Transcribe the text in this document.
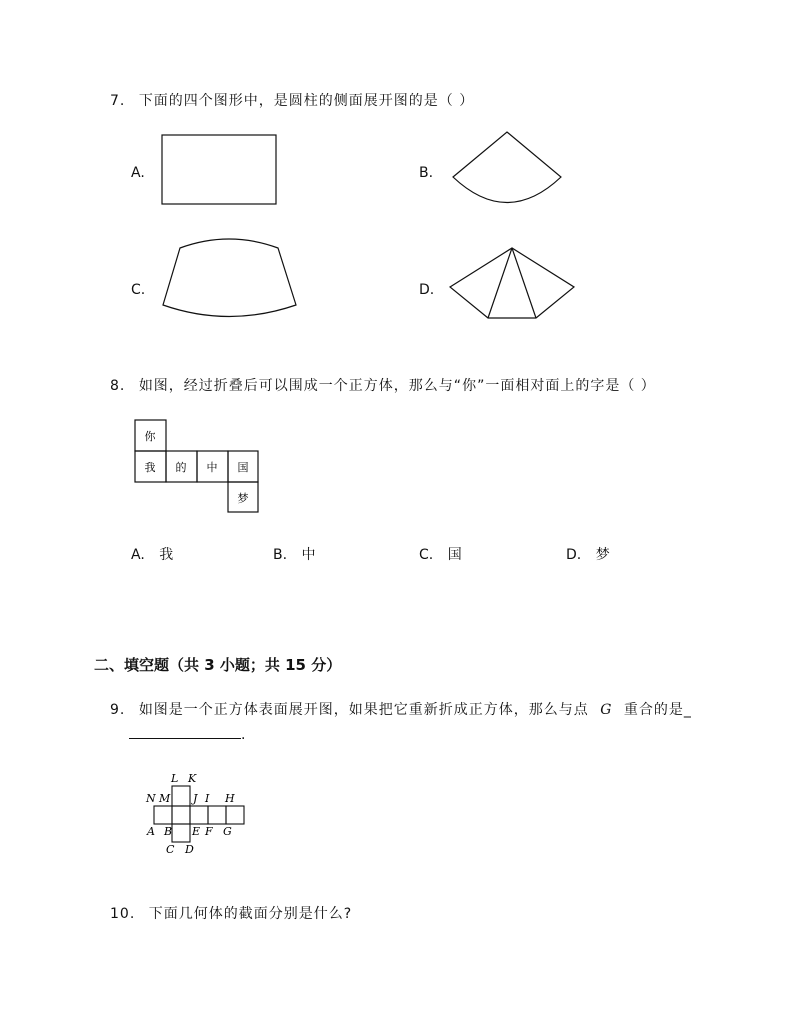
7. 下面的四个图形中，是圆柱的侧面展开图的是（ ）
A.	B.
C.	D.
8. 如图，经过折叠后可以围成一个正方体，那么与“你”一面相对面上的字是（ ）
你
我 的 中 国
梦
A. 我	B. 中	C. 国	D. 梦
二、填空题（共 3 小题；共 15 分）
9. 如图是一个正方体表面展开图，如果把它重新折成正方体，那么与点 G 重合的是_
.
L K
N M J I H
A B E F G
C D
10. 下面几何体的截面分别是什么?
